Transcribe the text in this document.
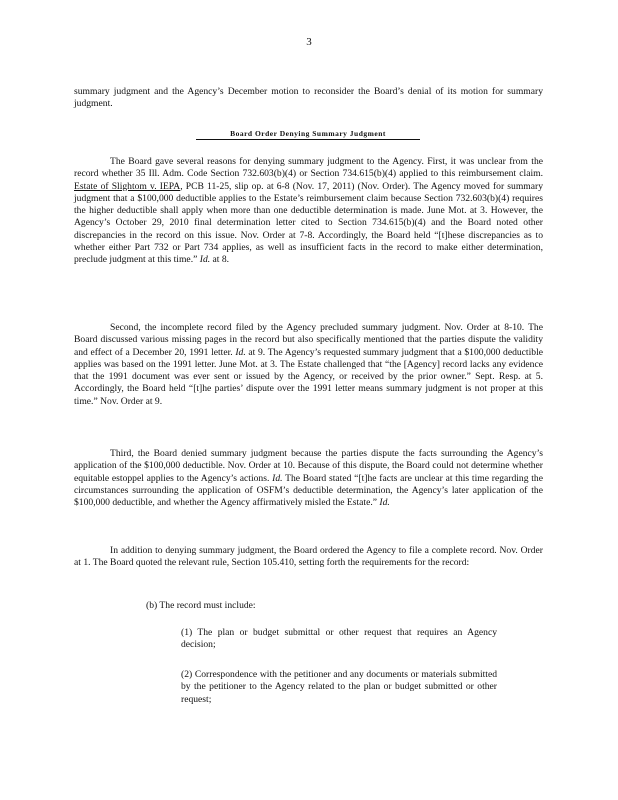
3

summary judgment and the Agency’s December motion to reconsider the Board’s denial of its motion for summary judgment.

Board Order Denying Summary Judgment

The Board gave several reasons for denying summary judgment to the Agency. First, it was unclear from the record whether 35 Ill. Adm. Code Section 732.603(b)(4) or Section 734.615(b)(4) applied to this reimbursement claim. Estate of Slightom v. IEPA, PCB 11-25, slip op. at 6-8 (Nov. 17, 2011) (Nov. Order). The Agency moved for summary judgment that a $100,000 deductible applies to the Estate’s reimbursement claim because Section 732.603(b)(4) requires the higher deductible shall apply when more than one deductible determination is made. June Mot. at 3. However, the Agency’s October 29, 2010 final determination letter cited to Section 734.615(b)(4) and the Board noted other discrepancies in the record on this issue. Nov. Order at 7-8. Accordingly, the Board held “[t]hese discrepancies as to whether either Part 732 or Part 734 applies, as well as insufficient facts in the record to make either determination, preclude judgment at this time.” Id. at 8.

Second, the incomplete record filed by the Agency precluded summary judgment. Nov. Order at 8-10. The Board discussed various missing pages in the record but also specifically mentioned that the parties dispute the validity and effect of a December 20, 1991 letter. Id. at 9. The Agency’s requested summary judgment that a $100,000 deductible applies was based on the 1991 letter. June Mot. at 3. The Estate challenged that “the [Agency] record lacks any evidence that the 1991 document was ever sent or issued by the Agency, or received by the prior owner.” Sept. Resp. at 5. Accordingly, the Board held “[t]he parties’ dispute over the 1991 letter means summary judgment is not proper at this time.” Nov. Order at 9.

Third, the Board denied summary judgment because the parties dispute the facts surrounding the Agency’s application of the $100,000 deductible. Nov. Order at 10. Because of this dispute, the Board could not determine whether equitable estoppel applies to the Agency’s actions. Id. The Board stated “[t]he facts are unclear at this time regarding the circumstances surrounding the application of OSFM’s deductible determination, the Agency’s later application of the $100,000 deductible, and whether the Agency affirmatively misled the Estate.” Id.

In addition to denying summary judgment, the Board ordered the Agency to file a complete record. Nov. Order at 1. The Board quoted the relevant rule, Section 105.410, setting forth the requirements for the record:

(b) The record must include:

(1) The plan or budget submittal or other request that requires an Agency decision;

(2) Correspondence with the petitioner and any documents or materials submitted by the petitioner to the Agency related to the plan or budget submitted or other request;
